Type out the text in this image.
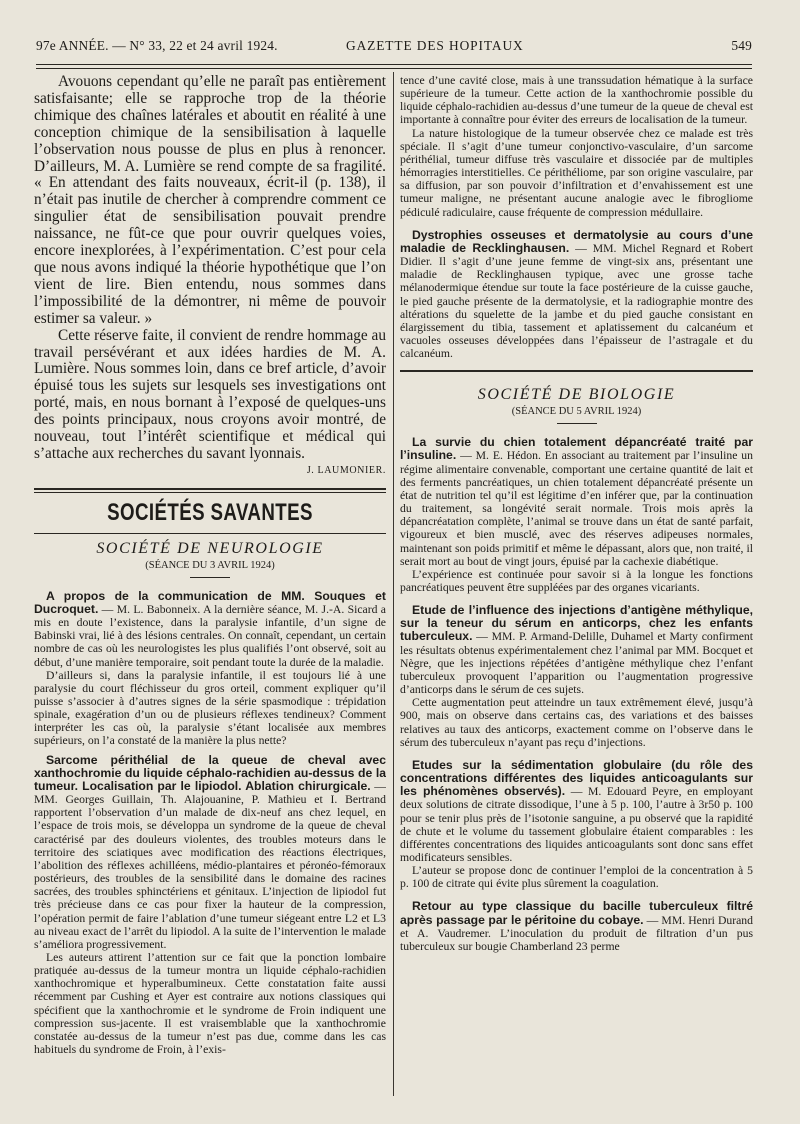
97e ANNÉE. — N° 33, 22 et 24 avril 1924.	GAZETTE DES HOPITAUX	549

Avouons cependant qu’elle ne paraît pas entièrement satisfaisante; elle se rapproche trop de la théorie chimique des chaînes latérales et aboutit en réalité à une conception chimique de la sensibilisation à laquelle l’observation nous pousse de plus en plus à renoncer. D’ailleurs, M. A. Lumière se rend compte de sa fragilité. « En attendant des faits nouveaux, écrit-il (p. 138), il n’était pas inutile de chercher à comprendre comment ce singulier état de sensibilisation pouvait prendre naissance, ne fût-ce que pour ouvrir quelques voies, encore inexplorées, à l’expérimentation. C’est pour cela que nous avons indiqué la théorie hypothétique que l’on vient de lire. Bien entendu, nous sommes dans l’impossibilité de la démontrer, ni même de pouvoir estimer sa valeur. »

Cette réserve faite, il convient de rendre hommage au travail persévérant et aux idées hardies de M. A. Lumière. Nous sommes loin, dans ce bref article, d’avoir épuisé tous les sujets sur lesquels ses investigations ont porté, mais, en nous bornant à l’exposé de quelques-uns des points principaux, nous croyons avoir montré, de nouveau, tout l’intérêt scientifique et médical qui s’attache aux recherches du savant lyonnais.

J. LAUMONIER.
SOCIÉTÉS SAVANTES
SOCIÉTÉ DE NEUROLOGIE
(SÉANCE DU 3 AVRIL 1924)

A propos de la communication de MM. Souques et Ducroquet. — M. L. Babonneix. A la dernière séance, M. J.-A. Sicard a mis en doute l’existence, dans la paralysie infantile, d’un signe de Babinski vrai, lié à des lésions centrales. On connaît, cependant, un certain nombre de cas où les neurologistes les plus qualifiés l’ont observé, soit au début, d’une manière temporaire, soit pendant toute la durée de la maladie.

D’ailleurs si, dans la paralysie infantile, il est toujours lié à une paralysie du court fléchisseur du gros orteil, comment expliquer qu’il puisse s’associer à d’autres signes de la série spasmodique : trépidation spinale, exagération d’un ou de plusieurs réflexes tendineux? Comment interpréter les cas où, la paralysie s’étant localisée aux membres supérieurs, on l’a constaté de la manière la plus nette?

Sarcome périthélial de la queue de cheval avec xanthochromie du liquide céphalo-rachidien au-dessus de la tumeur. Localisation par le lipiodol. Ablation chirurgicale. — MM. Georges Guillain, Th. Alajouanine, P. Mathieu et I. Bertrand rapportent l’observation d’un malade de dix-neuf ans chez lequel, en l’espace de trois mois, se développa un syndrome de la queue de cheval caractérisé par des douleurs violentes, des troubles moteurs dans le territoire des sciatiques avec modification des réactions électriques, l’abolition des réflexes achilléens, médio-plantaires et péronéo-fémoraux postérieurs, des troubles de la sensibilité dans le domaine des racines sacrées, des troubles sphinctériens et génitaux. L’injection de lipiodol fut très précieuse dans ce cas pour fixer la hauteur de la compression, l’opération permit de faire l’ablation d’une tumeur siégeant entre L2 et L3 au niveau exact de l’arrêt du lipiodol. A la suite de l’intervention le malade s’améliora progressivement.

Les auteurs attirent l’attention sur ce fait que la ponction lombaire pratiquée au-dessus de la tumeur montra un liquide céphalo-rachidien xanthochromique et hyperalbumineux. Cette constatation faite aussi récemment par Cushing et Ayer est contraire aux notions classiques qui spécifient que la xanthochromie et le syndrome de Froin indiquent une compression sus-jacente. Il est vraisemblable que la xanthochromie constatée au-dessus de la tumeur n’est pas due, comme dans les cas habituels du syndrome de Froin, à l’exis-

tence d’une cavité close, mais à une transsudation hématique à la surface supérieure de la tumeur. Cette action de la xanthochromie possible du liquide céphalo-rachidien au-dessus d’une tumeur de la queue de cheval est importante à connaître pour éviter des erreurs de localisation de la tumeur.

La nature histologique de la tumeur observée chez ce malade est très spéciale. Il s’agit d’une tumeur conjonctivo-vasculaire, d’un sarcome périthélial, tumeur diffuse très vasculaire et dissociée par de multiples hémorragies interstitielles. Ce périthéliome, par son origine vasculaire, par sa diffusion, par son pouvoir d’infiltration et d’envahissement est une tumeur maligne, ne présentant aucune analogie avec le fibrogliome pédiculé radiculaire, cause fréquente de compression médullaire.

Dystrophies osseuses et dermatolysie au cours d’une maladie de Recklinghausen. — MM. Michel Regnard et Robert Didier. Il s’agit d’une jeune femme de vingt-six ans, présentant une maladie de Recklinghausen typique, avec une grosse tache mélanodermique étendue sur toute la face postérieure de la cuisse gauche, le pied gauche présente de la dermatolysie, et la radiographie montre des altérations du squelette de la jambe et du pied gauche consistant en élargissement du tibia, tassement et aplatissement du calcanéum et vacuoles osseuses développées dans l’épaisseur de l’astragale et du calcanéum.

SOCIÉTÉ DE BIOLOGIE
(SÉANCE DU 5 AVRIL 1924)

La survie du chien totalement dépancréaté traité par l’insuline. — M. E. Hédon. En associant au traitement par l’insuline un régime alimentaire convenable, comportant une certaine quantité de lait et des ferments pancréatiques, un chien totalement dépancréaté présente un état de nutrition tel qu’il est légitime d’en inférer que, par la continuation du traitement, sa longévité serait normale. Trois mois après la dépancréatation complète, l’animal se trouve dans un état de santé parfait, vigoureux et bien musclé, avec des réserves adipeuses normales, maintenant son poids primitif et même le dépassant, alors que, non traité, il serait mort au bout de vingt jours, épuisé par la cachexie diabétique.

L’expérience est continuée pour savoir si à la longue les fonctions pancréatiques peuvent être suppléées par des organes vicariants.

Etude de l’influence des injections d’antigène méthylique, sur la teneur du sérum en anticorps, chez les enfants tuberculeux. — MM. P. Armand-Delille, Duhamel et Marty confirment les résultats obtenus expérimentalement chez l’animal par MM. Bocquet et Nègre, que les injections répétées d’antigène méthylique chez l’enfant tuberculeux provoquent l’apparition ou l’augmentation progressive d’anticorps dans le sérum de ces sujets.

Cette augmentation peut atteindre un taux extrêmement élevé, jusqu’à 900, mais on observe dans certains cas, des variations et des baisses relatives au taux des anticorps, exactement comme on l’observe dans le sérum des tuberculeux n’ayant pas reçu d’injections.

Etudes sur la sédimentation globulaire (du rôle des concentrations différentes des liquides anticoagulants sur les phénomènes observés). — M. Edouard Peyre, en employant deux solutions de citrate dissodique, l’une à 5 p. 100, l’autre à 3r50 p. 100 pour se tenir plus près de l’isotonie sanguine, a pu observé que la rapidité de chute et le volume du tassement globulaire étaient comparables : les différentes concentrations des liquides anticoagulants sont donc sans effet modificateurs sensibles.

L’auteur se propose donc de continuer l’emploi de la concentration à 5 p. 100 de citrate qui évite plus sûrement la coagulation.

Retour au type classique du bacille tuberculeux filtré après passage par le péritoine du cobaye. — MM. Henri Durand et A. Vaudremer. L’inoculation du produit de filtration d’un pus tuberculeux sur bougie Chamberland 23 perme
